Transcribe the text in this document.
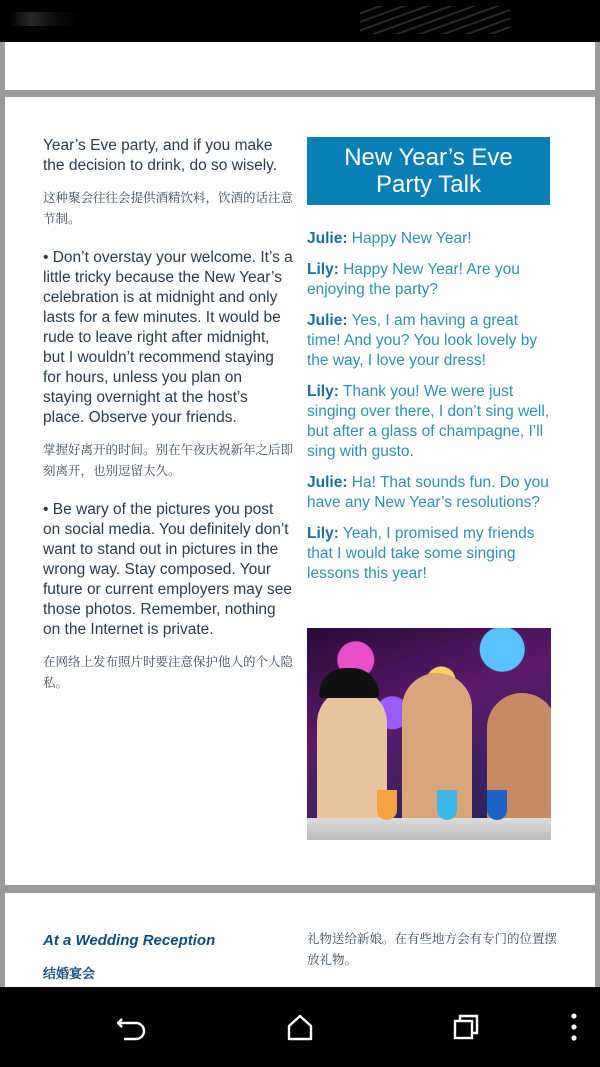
Year’s Eve party, and if you make the decision to drink, do so wisely.

这种聚会往往会提供酒精饮料，饮酒的话注意节制。

• Don’t overstay your welcome. It’s a little tricky because the New Year’s celebration is at midnight and only lasts for a few minutes. It would be rude to leave right after midnight, but I wouldn’t recommend staying for hours, unless you plan on staying overnight at the host’s place. Observe your friends.

掌握好离开的时间。别在午夜庆祝新年之后即刻离开，也别逗留太久。

• Be wary of the pictures you post on social media. You definitely don’t want to stand out in pictures in the wrong way. Stay composed. Your future or current employers may see those photos. Remember, nothing on the Internet is private.

在网络上发布照片时要注意保护他人的个人隐私。

New Year’s Eve
Party Talk

Julie: Happy New Year!

Lily: Happy New Year! Are you enjoying the party?

Julie: Yes, I am having a great time! And you? You look lovely by the way, I love your dress!

Lily: Thank you! We were just singing over there, I don’t sing well, but after a glass of champagne, I’ll sing with gusto.

Julie: Ha! That sounds fun. Do you have any New Year’s resolutions?

Lily: Yeah, I promised my friends that I would take some singing lessons this year!

At a Wedding Reception

结婚宴会

礼物送给新娘。在有些地方会有专门的位置摆放礼物。
